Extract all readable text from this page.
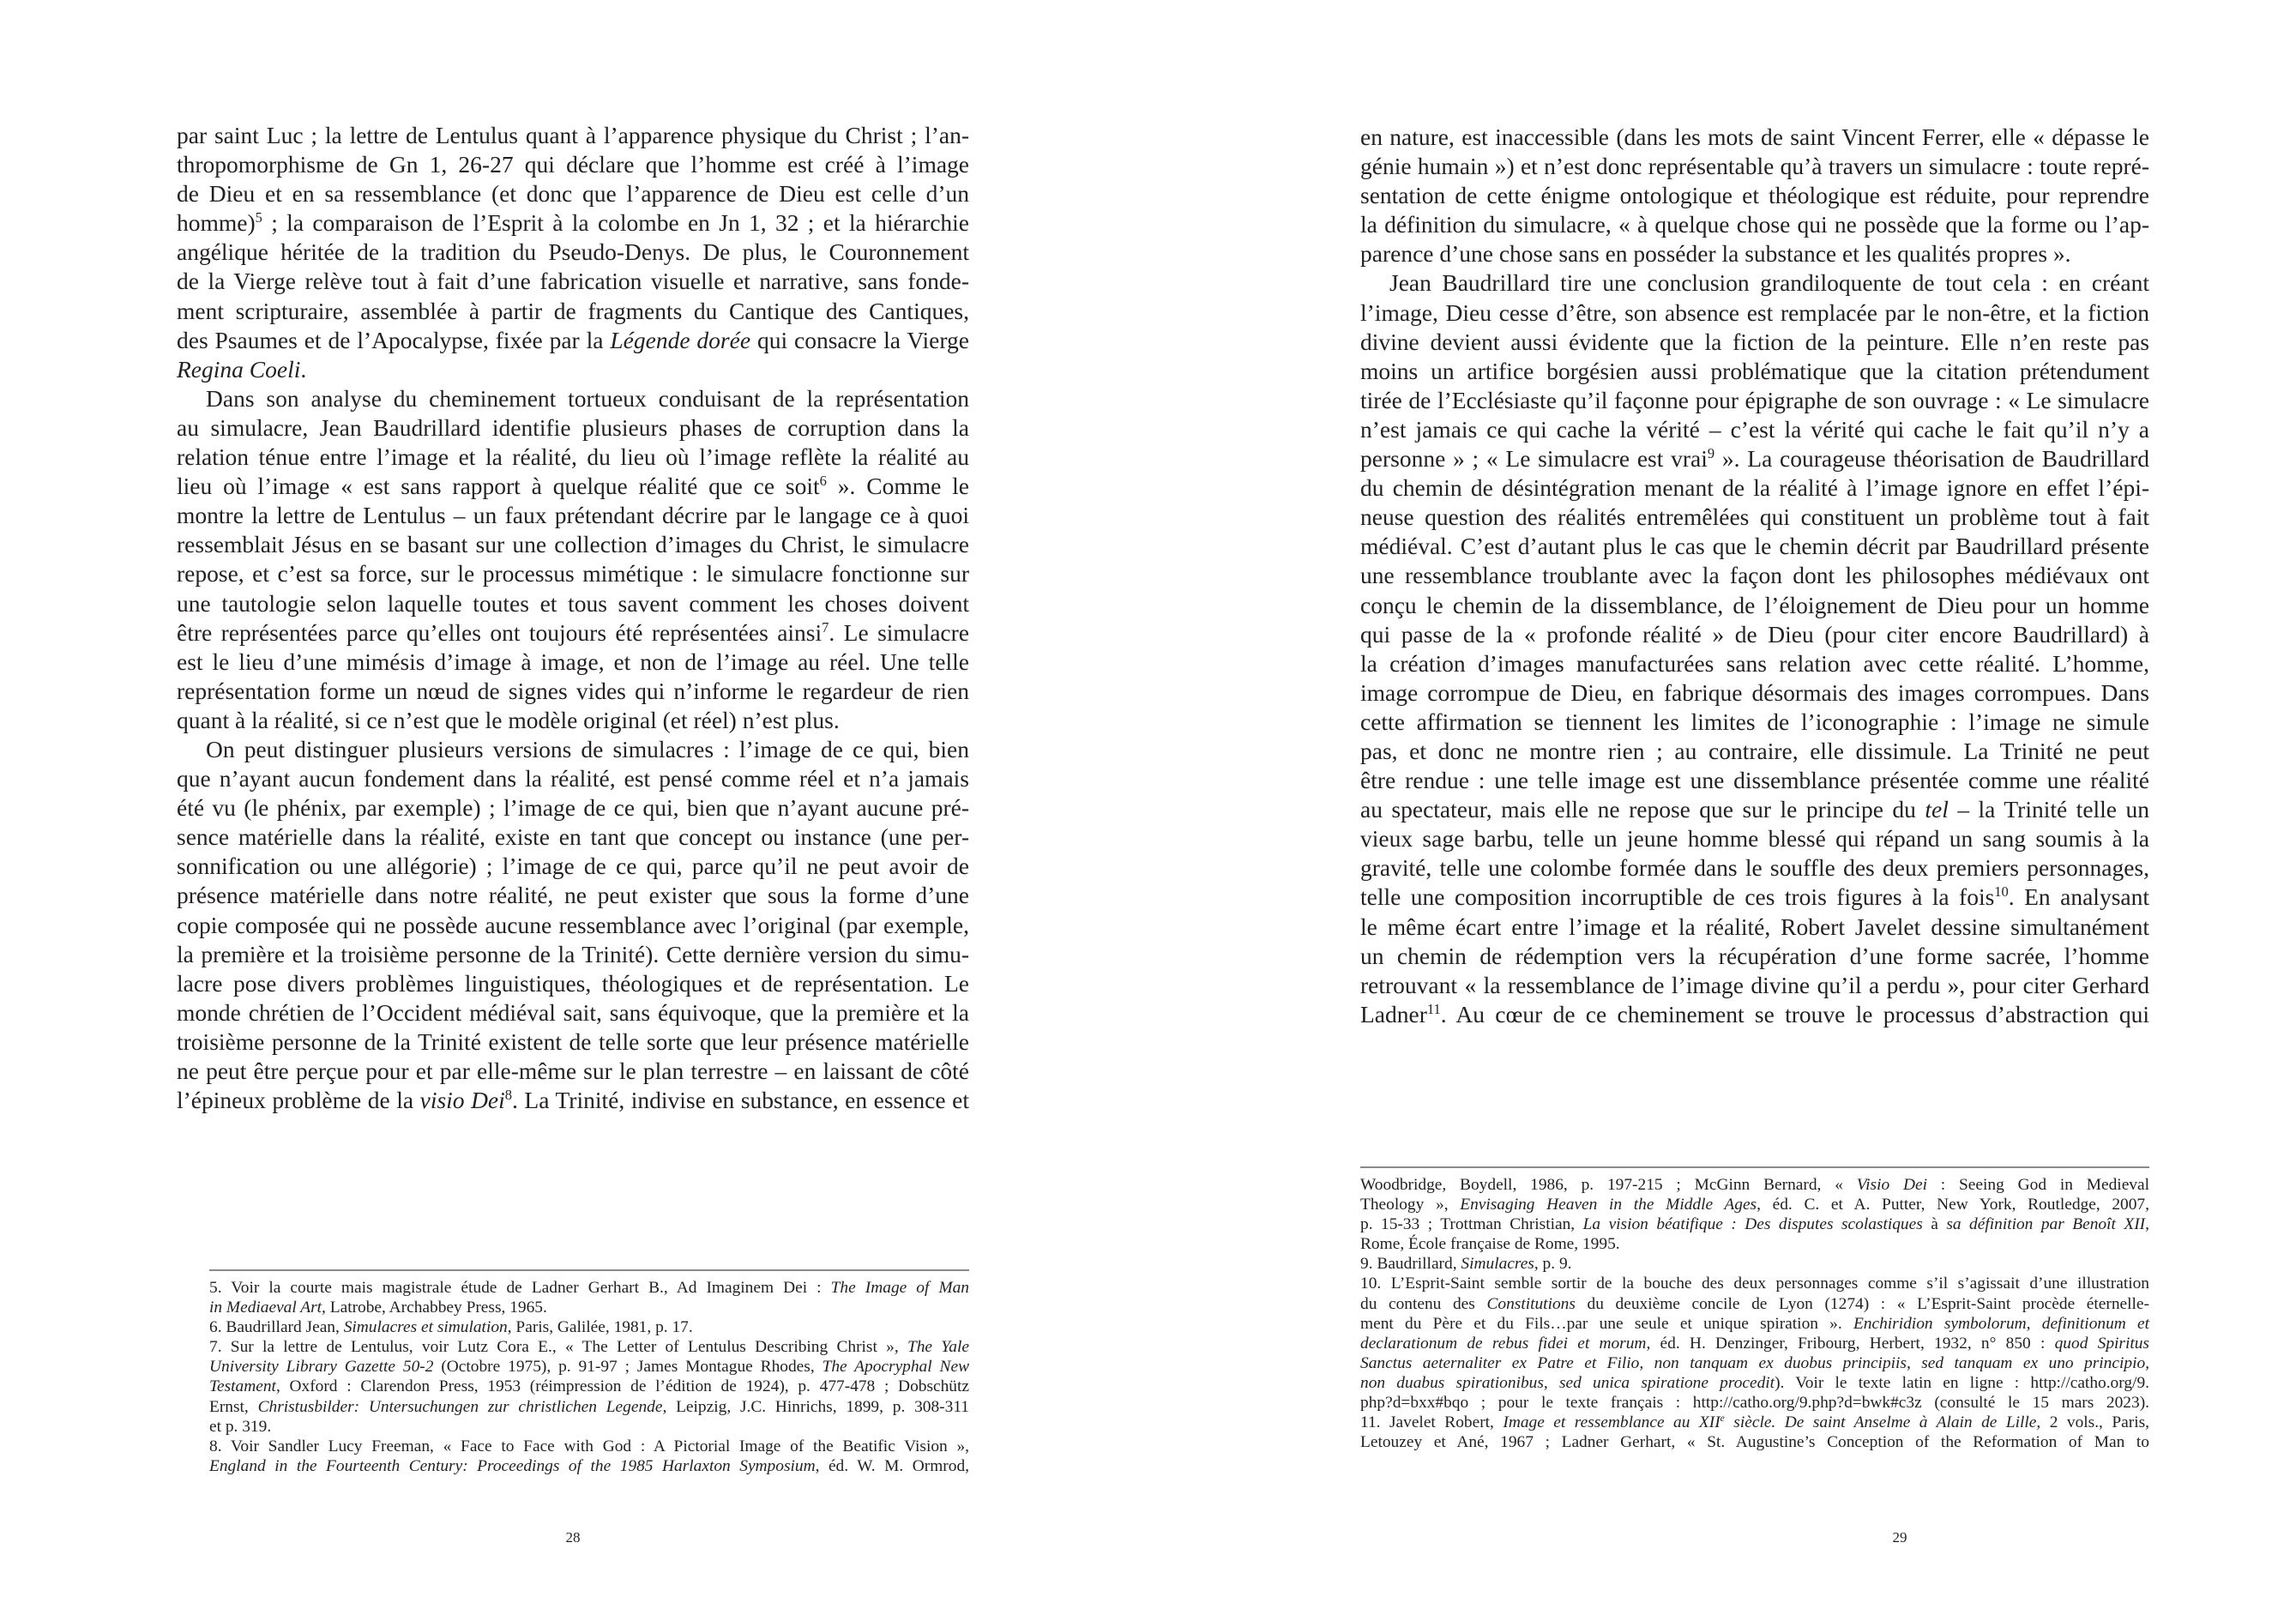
par saint Luc ; la lettre de Lentulus quant à l’apparence physique du Christ ; l’an-
thropomorphisme de Gn 1, 26-27 qui déclare que l’homme est créé à l’image
de Dieu et en sa ressemblance (et donc que l’apparence de Dieu est celle d’un
homme)$^5$ ; la comparaison de l’Esprit à la colombe en Jn 1, 32 ; et la hiérarchie
angélique héritée de la tradition du Pseudo-Denys. De plus, le Couronnement
de la Vierge relève tout à fait d’une fabrication visuelle et narrative, sans fonde-
ment scripturaire, assemblée à partir de fragments du Cantique des Cantiques,
des Psaumes et de l’Apocalypse, fixée par la Légende dorée qui consacre la Vierge
Regina Coeli.
Dans son analyse du cheminement tortueux conduisant de la représentation
au simulacre, Jean Baudrillard identifie plusieurs phases de corruption dans la
relation ténue entre l’image et la réalité, du lieu où l’image reflète la réalité au
lieu où l’image « est sans rapport à quelque réalité que ce soit$^6$ ». Comme le
montre la lettre de Lentulus – un faux prétendant décrire par le langage ce à quoi
ressemblait Jésus en se basant sur une collection d’images du Christ, le simulacre
repose, et c’est sa force, sur le processus mimétique : le simulacre fonctionne sur
une tautologie selon laquelle toutes et tous savent comment les choses doivent
être représentées parce qu’elles ont toujours été représentées ainsi$^7$. Le simulacre
est le lieu d’une mimésis d’image à image, et non de l’image au réel. Une telle
représentation forme un nœud de signes vides qui n’informe le regardeur de rien
quant à la réalité, si ce n’est que le modèle original (et réel) n’est plus.
On peut distinguer plusieurs versions de simulacres : l’image de ce qui, bien
que n’ayant aucun fondement dans la réalité, est pensé comme réel et n’a jamais
été vu (le phénix, par exemple) ; l’image de ce qui, bien que n’ayant aucune pré-
sence matérielle dans la réalité, existe en tant que concept ou instance (une per-
sonnification ou une allégorie) ; l’image de ce qui, parce qu’il ne peut avoir de
présence matérielle dans notre réalité, ne peut exister que sous la forme d’une
copie composée qui ne possède aucune ressemblance avec l’original (par exemple,
la première et la troisième personne de la Trinité). Cette dernière version du simu-
lacre pose divers problèmes linguistiques, théologiques et de représentation. Le
monde chrétien de l’Occident médiéval sait, sans équivoque, que la première et la
troisième personne de la Trinité existent de telle sorte que leur présence matérielle
ne peut être perçue pour et par elle-même sur le plan terrestre – en laissant de côté
l’épineux problème de la visio Dei$^8$. La Trinité, indivise en substance, en essence et
5. Voir la courte mais magistrale étude de Ladner Gerhart B., Ad Imaginem Dei : The Image of Man
in Mediaeval Art, Latrobe, Archabbey Press, 1965.
6. Baudrillard Jean, Simulacres et simulation, Paris, Galilée, 1981, p. 17.
7. Sur la lettre de Lentulus, voir Lutz Cora E., « The Letter of Lentulus Describing Christ », The Yale
University Library Gazette 50-2 (Octobre 1975), p. 91-97 ; James Montague Rhodes, The Apocryphal New
Testament, Oxford : Clarendon Press, 1953 (réimpression de l’édition de 1924), p. 477-478 ; Dobschütz
Ernst, Christusbilder: Untersuchungen zur christlichen Legende, Leipzig, J.C. Hinrichs, 1899, p. 308-311
et p. 319.
8. Voir Sandler Lucy Freeman, « Face to Face with God : A Pictorial Image of the Beatific Vision »,
England in the Fourteenth Century: Proceedings of the 1985 Harlaxton Symposium, éd. W. M. Ormrod,
28
en nature, est inaccessible (dans les mots de saint Vincent Ferrer, elle « dépasse le
génie humain ») et n’est donc représentable qu’à travers un simulacre : toute repré-
sentation de cette énigme ontologique et théologique est réduite, pour reprendre
la définition du simulacre, « à quelque chose qui ne possède que la forme ou l’ap-
parence d’une chose sans en posséder la substance et les qualités propres ».
Jean Baudrillard tire une conclusion grandiloquente de tout cela : en créant
l’image, Dieu cesse d’être, son absence est remplacée par le non-être, et la fiction
divine devient aussi évidente que la fiction de la peinture. Elle n’en reste pas
moins un artifice borgésien aussi problématique que la citation prétendument
tirée de l’Ecclésiaste qu’il façonne pour épigraphe de son ouvrage : « Le simulacre
n’est jamais ce qui cache la vérité – c’est la vérité qui cache le fait qu’il n’y a
personne » ; « Le simulacre est vrai$^9$ ». La courageuse théorisation de Baudrillard
du chemin de désintégration menant de la réalité à l’image ignore en effet l’épi-
neuse question des réalités entremêlées qui constituent un problème tout à fait
médiéval. C’est d’autant plus le cas que le chemin décrit par Baudrillard présente
une ressemblance troublante avec la façon dont les philosophes médiévaux ont
conçu le chemin de la dissemblance, de l’éloignement de Dieu pour un homme
qui passe de la « profonde réalité » de Dieu (pour citer encore Baudrillard) à
la création d’images manufacturées sans relation avec cette réalité. L’homme,
image corrompue de Dieu, en fabrique désormais des images corrompues. Dans
cette affirmation se tiennent les limites de l’iconographie : l’image ne simule
pas, et donc ne montre rien ; au contraire, elle dissimule. La Trinité ne peut
être rendue : une telle image est une dissemblance présentée comme une réalité
au spectateur, mais elle ne repose que sur le principe du tel – la Trinité telle un
vieux sage barbu, telle un jeune homme blessé qui répand un sang soumis à la
gravité, telle une colombe formée dans le souffle des deux premiers personnages,
telle une composition incorruptible de ces trois figures à la fois$^{10}$. En analysant
le même écart entre l’image et la réalité, Robert Javelet dessine simultanément
un chemin de rédemption vers la récupération d’une forme sacrée, l’homme
retrouvant « la ressemblance de l’image divine qu’il a perdu », pour citer Gerhard
Ladner$^{11}$. Au cœur de ce cheminement se trouve le processus d’abstraction qui
Woodbridge, Boydell, 1986, p. 197-215 ; McGinn Bernard, « Visio Dei : Seeing God in Medieval
Theology », Envisaging Heaven in the Middle Ages, éd. C. et A. Putter, New York, Routledge, 2007,
p. 15-33 ; Trottman Christian, La vision béatifique : Des disputes scolastiques à sa définition par Benoît XII,
Rome, École française de Rome, 1995.
9. Baudrillard, Simulacres, p. 9.
10. L’Esprit-Saint semble sortir de la bouche des deux personnages comme s’il s’agissait d’une illustration
du contenu des Constitutions du deuxième concile de Lyon (1274) : « L’Esprit-Saint procède éternelle-
ment du Père et du Fils…par une seule et unique spiration ». Enchiridion symbolorum, definitionum et
declarationum de rebus fidei et morum, éd. H. Denzinger, Fribourg, Herbert, 1932, n° 850 : quod Spiritus
Sanctus aeternaliter ex Patre et Filio, non tanquam ex duobus principiis, sed tanquam ex uno principio,
non duabus spirationibus, sed unica spiratione procedit). Voir le texte latin en ligne : http://catho.org/9.
php?d=bxx#bqo ; pour le texte français : http://catho.org/9.php?d=bwk#c3z (consulté le 15 mars 2023).
11. Javelet Robert, Image et ressemblance au XIIe siècle. De saint Anselme à Alain de Lille, 2 vols., Paris,
Letouzey et Ané, 1967 ; Ladner Gerhart, « St. Augustine’s Conception of the Reformation of Man to
29
